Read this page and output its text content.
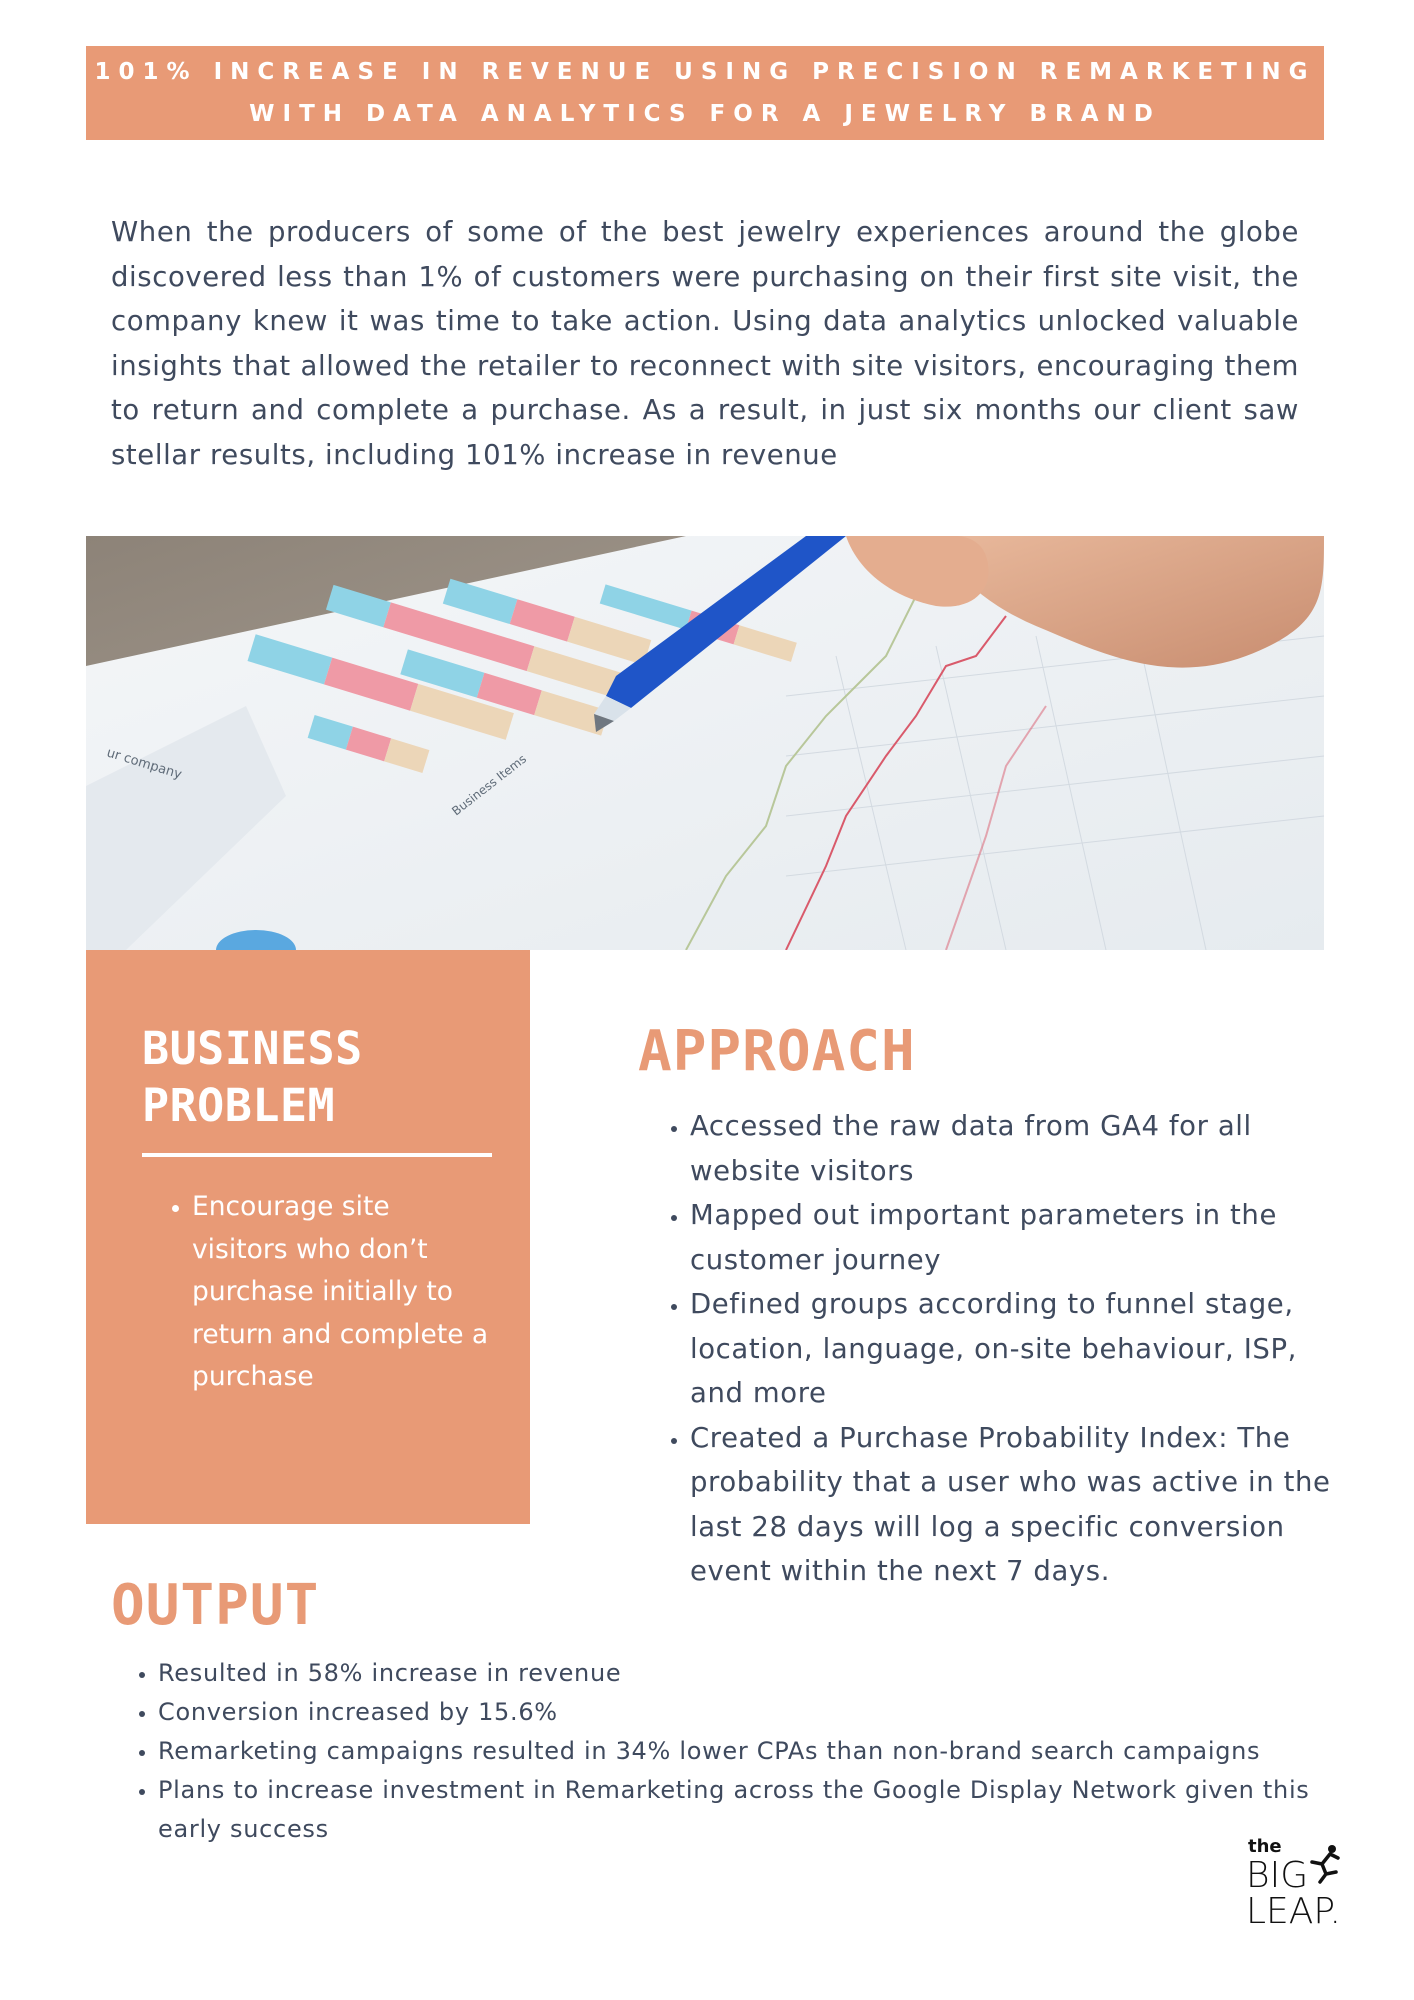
101% INCREASE IN REVENUE USING PRECISION REMARKETING
WITH DATA ANALYTICS FOR A JEWELRY BRAND

When the producers of some of the best jewelry experiences around the globe discovered less than 1% of customers were purchasing on their first site visit, the company knew it was time to take action. Using data analytics unlocked valuable insights that allowed the retailer to reconnect with site visitors, encouraging them to return and complete a purchase. As a result, in just six months our client saw stellar results, including 101% increase in revenue

ur company	Business Items
BUSINESS
PROBLEM
• Encourage site visitors who don’t purchase initially to return and complete a purchase
APPROACH
• Accessed the raw data from GA4 for all website visitors
• Mapped out important parameters in the customer journey
• Defined groups according to funnel stage, location, language, on-site behaviour, ISP, and more
• Created a Purchase Probability Index: The probability that a user who was active in the last 28 days will log a specific conversion event within the next 7 days.
OUTPUT
• Resulted in 58% increase in revenue
• Conversion increased by 15.6%
• Remarketing campaigns resulted in 34% lower CPAs than non-brand search campaigns
• Plans to increase investment in Remarketing across the Google Display Network given this early success
the
BIG
LEAP.
